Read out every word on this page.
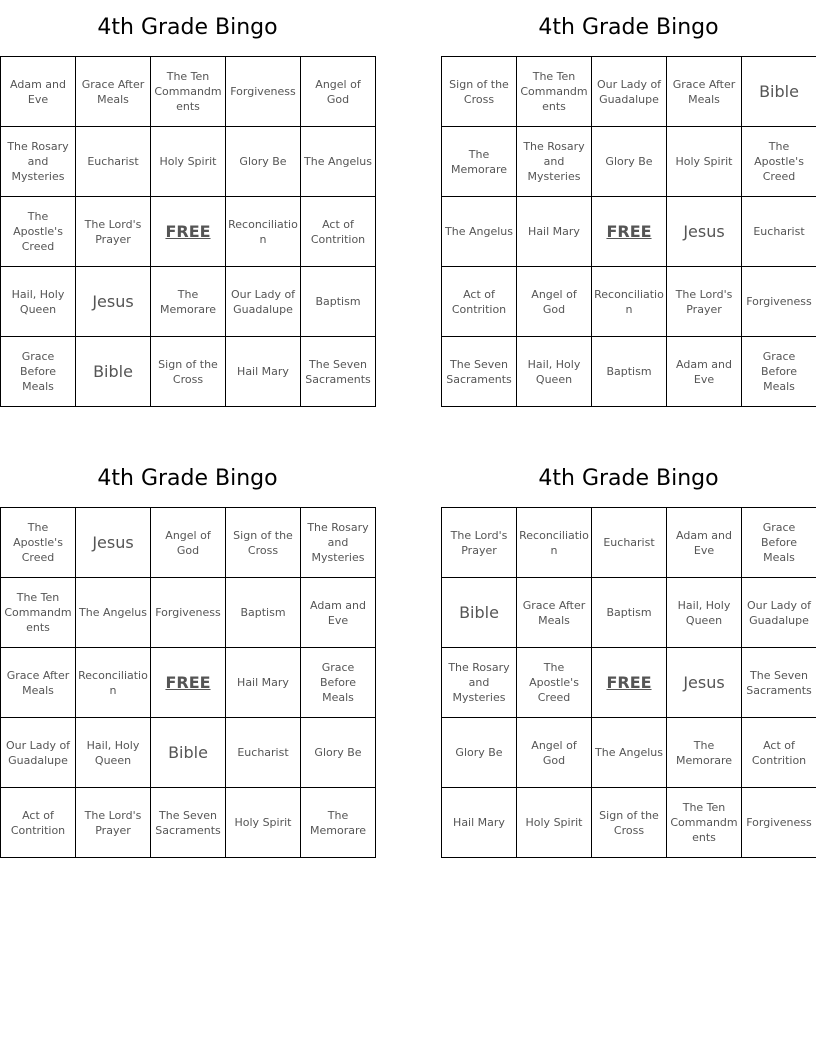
4th Grade Bingo
Adam and Eve	Grace After Meals	The Ten Commandments	Forgiveness	Angel of God
The Rosary and Mysteries	Eucharist	Holy Spirit	Glory Be	The Angelus
The Apostle's Creed	The Lord's Prayer	FREE	Reconciliation	Act of Contrition
Hail, Holy Queen	Jesus	The Memorare	Our Lady of Guadalupe	Baptism
Grace Before Meals	Bible	Sign of the Cross	Hail Mary	The Seven Sacraments
4th Grade Bingo
Sign of the Cross	The Ten Commandments	Our Lady of Guadalupe	Grace After Meals	Bible
The Memorare	The Rosary and Mysteries	Glory Be	Holy Spirit	The Apostle's Creed
The Angelus	Hail Mary	FREE	Jesus	Eucharist
Act of Contrition	Angel of God	Reconciliation	The Lord's Prayer	Forgiveness
The Seven Sacraments	Hail, Holy Queen	Baptism	Adam and Eve	Grace Before Meals
4th Grade Bingo
The Apostle's Creed	Jesus	Angel of God	Sign of the Cross	The Rosary and Mysteries
The Ten Commandments	The Angelus	Forgiveness	Baptism	Adam and Eve
Grace After Meals	Reconciliation	FREE	Hail Mary	Grace Before Meals
Our Lady of Guadalupe	Hail, Holy Queen	Bible	Eucharist	Glory Be
Act of Contrition	The Lord's Prayer	The Seven Sacraments	Holy Spirit	The Memorare
4th Grade Bingo
The Lord's Prayer	Reconciliation	Eucharist	Adam and Eve	Grace Before Meals
Bible	Grace After Meals	Baptism	Hail, Holy Queen	Our Lady of Guadalupe
The Rosary and Mysteries	The Apostle's Creed	FREE	Jesus	The Seven Sacraments
Glory Be	Angel of God	The Angelus	The Memorare	Act of Contrition
Hail Mary	Holy Spirit	Sign of the Cross	The Ten Commandments	Forgiveness
